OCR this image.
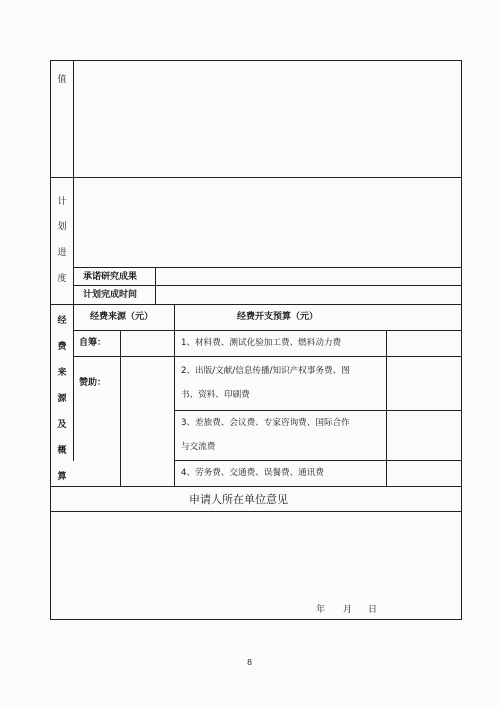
值
计
划
进
度	承诺研究成果
计划完成时间
经
费
来
源
及
概
算
经费来源（元）	经费开支预算（元）
自筹：
赞助：
1、材料费、测试化验加工费、燃料动力费
2、出版/文献/信息传播/知识产权事务费、图
书、资料、印刷费
3、差旅费、会议费、专家咨询费、国际合作
与交流费
4、劳务费、交通费、误餐费、通讯费
申请人所在单位意见
年 月 日
8
